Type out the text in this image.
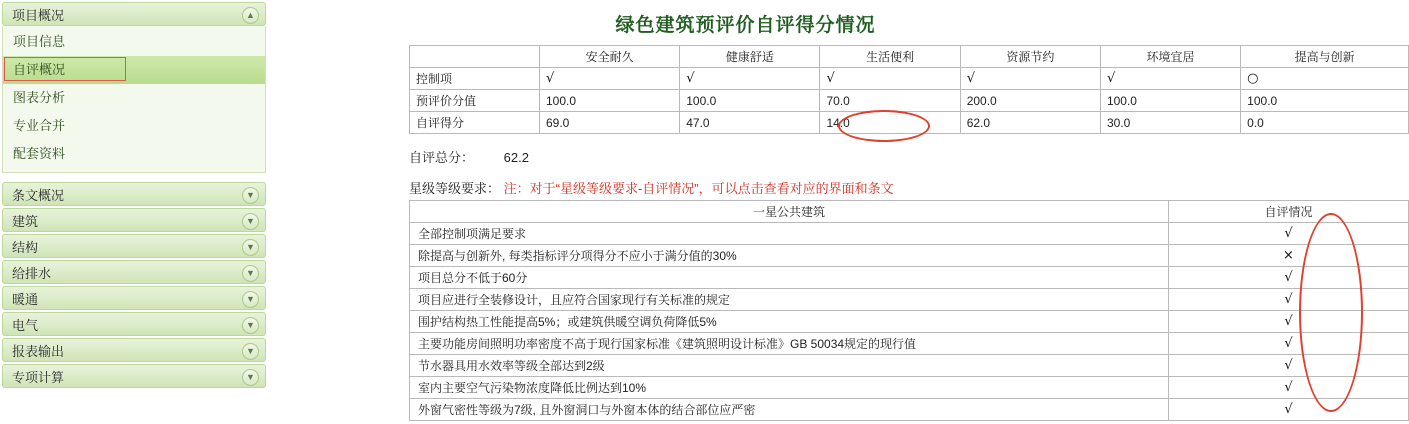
项目概况	▲
项目信息
自评概况
图表分析
专业合并
配套资料
条文概况	▼
建筑	▼
结构	▼
给排水	▼
暖通	▼
电气	▼
报表输出	▼
专项计算	▼
绿色建筑预评价自评得分情况
	安全耐久	健康舒适	生活便利	资源节约	环境宜居	提高与创新
控制项	√	√	√	√	√	○
预评价分值	100.0	100.0	70.0	200.0	100.0	100.0
自评得分	69.0	47.0	14.0	62.0	30.0	0.0
自评总分： 62.2
星级等级要求： 注：对于“星级等级要求-自评情况”，可以点击查看对应的界面和条文
一星公共建筑	自评情况
全部控制项满足要求	√
除提高与创新外, 每类指标评分项得分不应小于满分值的30%	×
项目总分不低于60分	√
项目应进行全装修设计，且应符合国家现行有关标准的规定	√
围护结构热工性能提高5%；或建筑供暖空调负荷降低5%	√
主要功能房间照明功率密度不高于现行国家标准《建筑照明设计标准》GB 50034规定的现行值	√
节水器具用水效率等级全部达到2级	√
室内主要空气污染物浓度降低比例达到10%	√
外窗气密性等级为7级, 且外窗洞口与外窗本体的结合部位应严密	√
